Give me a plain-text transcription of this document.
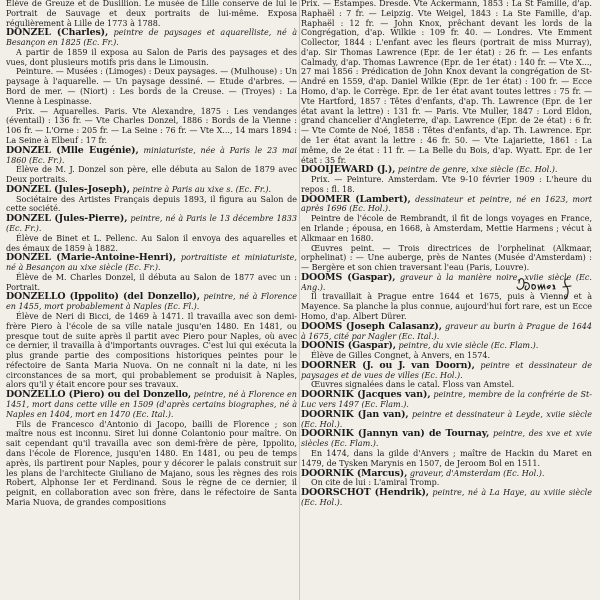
Élève de Greuze et de Dusillion. Le musée de Lille conserve de lui le Portrait de Sauvage et deux portraits de lui-même. Exposa régulièrement à Lille de 1773 à 1788.

DONZEL (Charles), peintre de paysages et aquarelliste, né à Besançon en 1825 (Ec. Fr.).

A partir de 1859 il exposa au Salon de Paris des paysages et des vues, dont plusieurs motifs pris dans le Limousin.

Peinture. — Musées : (Limoges) : Deux paysages. — (Mulhouse) : Un paysage à l'aquarelle. — Un paysage dessiné. — Etude d'arbres. — Bord de mer. — (Niort) : Les bords de la Creuse. — (Troyes) : La Vienne à Lespinasse.

Prix. — Aquarelles. Paris. Vte Alexandre, 1875 : Les vendanges (éventail) : 136 fr. — Vte Charles Donzel, 1886 : Bords de la Vienne : 106 fr. — L'Orne : 205 fr. — La Seine : 76 fr. — Vte X..., 14 mars 1894 : La Seine à Elbeuf : 17 fr.

DONZEL (Mlle Eugénie), miniaturiste, née à Paris le 23 mai 1860 (Ec. Fr.).

Élève de M. J. Donzel son père, elle débuta au Salon de 1879 avec Deux portraits.

DONZEL (Jules-Joseph), peintre à Paris au xixe s. (Ec. Fr.).

Sociétaire des Artistes Français depuis 1893, il figura au Salon de cette société.

DONZEL (Jules-Pierre), peintre, né à Paris le 13 décembre 1833 (Ec. Fr.).

Élève de Binet et L. Pellenc. Au Salon il envoya des aquarelles et des émaux de 1859 à 1882.

DONZEL (Marie-Antoine-Henri), portraitiste et miniaturiste, né à Besançon au xixe siècle (Ec. Fr.).

Élève de M. Charles Donzel, il débuta au Salon de 1877 avec un : Portrait.

DONZELLO (Ippolito) (del Donzello), peintre, né à Florence en 1455, mort probablement à Naples (Ec. Fl.).

Élève de Neri di Bicci, de 1469 à 1471. Il travailla avec son demi-frère Piero à l'école de sa ville natale jusqu'en 1480. En 1481, ou presque tout de suite après il partit avec Piero pour Naples, où avec ce dernier, il travailla à d'importants ouvrages. C'est lui qui exécuta la plus grande partie des compositions historiques peintes pour le réfectoire de Santa Maria Nuova. On ne connaît ni la date, ni les circonstances de sa mort, qui probablement se produisit à Naples, alors qu'il y était encore pour ses travaux.

DONZELLO (Piero) ou del Donzello, peintre, né à Florence en 1451, mort dans cette ville en 1509 (d'après certains biographes, né à Naples en 1404, mort en 1470 (Ec. Ital.).

Fils de Francesco d'Antonio di Jacopo, bailli de Florence ; son maître nous est inconnu. Siret lui donne Colantonio pour maître. On sait cependant qu'il travailla avec son demi-frère de père, Ippolito, dans l'école de Florence, jusqu'en 1480. En 1481, ou peu de temps après, ils partirent pour Naples, pour y décorer le palais construit sur les plans de l'architecte Giuliano de Majano, sous les règnes des rois Robert, Alphonse Ier et Ferdinand. Sous le règne de ce dernier, il peignit, en collaboration avec son frère, dans le réfectoire de Santa Maria Nuova, de grandes compositions

Prix. — Estampes. Dresde. Vte Ackermann, 1853 : La St Famille, d'ap. Raphaël : 7 fr. — Leipzig. Vte Weigel, 1843 : La Ste Famille, d'ap. Raphaël : 12 fr. — John Knox, prêchant devant les lords de la Congrégation, d'ap. Wilkie : 109 fr. 40. — Londres. Vte Emment Collector, 1844 : L'enfant avec les fleurs (portrait de miss Murray), d'ap. Sir Thomas Lawrence (Epr. de 1er état) : 26 fr. — Les enfants Calmady, d'ap. Thomas Lawrence (Epr. de 1er état) : 140 fr. — Vte X..., 27 mai 1856 : Prédication de John Knox devant la congrégation de St-André en 1559, d'ap. Daniel Wilkie (Epr. de 1er état) : 100 fr. — Ecce Homo, d'ap. le Corrège. Epr. de 1er état avant toutes lettres : 75 fr. — Vte Hartford, 1857 : Têtes d'enfants, d'ap. Th. Lawrence (Epr. de 1er état avant la lettre) : 131 fr. — Paris. Vte Muller, 1847 : Lord Eldon, grand chancelier d'Angleterre, d'ap. Lawrence (Epr. de 2e état) : 6 fr. — Vte Comte de Noé, 1858 : Têtes d'enfants, d'ap. Th. Lawrence. Epr. de 1er état avant la lettre : 46 fr. 50. — Vte Lajariette, 1861 : La même, de 2e état : 11 fr. — La Belle du Bois, d'ap. Wyatt. Epr. de 1er état : 35 fr.

DOOIJEWARD (J.), peintre de genre, xixe siècle (Ec. Hol.).

Prix. — Peinture. Amsterdam. Vte 9-10 février 1909 : L'heure du repos : fl. 18.

DOOMER (Lambert), dessinateur et peintre, né en 1623, mort après 1696 (Ec. Hol.).

Peintre de l'école de Rembrandt, il fit de longs voyages en France, en Irlande ; épousa, en 1668, à Amsterdam, Mettie Harmens ; vécut à Alkmaar en 1680.

Œuvres peint. — Trois directrices de l'orphelinat (Alkmaar, orphelinat) : — Une auberge, près de Nantes (Musée d'Amsterdam) : — Bergère et son chien traversant l'eau (Paris, Louvre).

DOOMS (Gaspar), graveur à la manière noire, xviie siècle (Ec. Ang.).

Il travaillait à Prague entre 1644 et 1675, puis à Vienne et à Mayence. Sa planche la plus connue, aujourd'hui fort rare, est un Ecce Homo, d'ap. Albert Dürer.

DOOMS (Joseph Calasanz), graveur au burin à Prague de 1644 à 1675, cité par Nagler (Ec. Ital.).

DOONIS (Gaspar), peintre, du xvie siècle (Ec. Flam.).

Élève de Gilles Congnet, à Anvers, en 1574.

DOORNER (J. ou J. van Doorn), peintre et dessinateur de paysages et de vues de villes (Ec. Hol.).

Œuvres signalées dans le catal. Floss van Amstel.

DOORNIK (Jacques van), peintre, membre de la confrérie de St-Luc vers 1497 (Ec. Flam.).

DOORNIK (Jan van), peintre et dessinateur à Leyde, xviie siècle (Ec. Hol.).

DOORNIK (Jannyn van) de Tournay, peintre, des xve et xvie siècles (Ec. Flam.).

En 1474, dans la gilde d'Anvers ; maître de Hackin du Maret en 1479, de Tysken Marynis en 1507, de Jeroom Bol en 1511.

DOORNIK (Marcus), graveur, d'Amsterdam (Ec. Hol.).

On cite de lui : L'amiral Tromp.

DOORSCHOT (Hendrik), peintre, né à La Haye, au xviiie siècle (Ec. Hol.).
